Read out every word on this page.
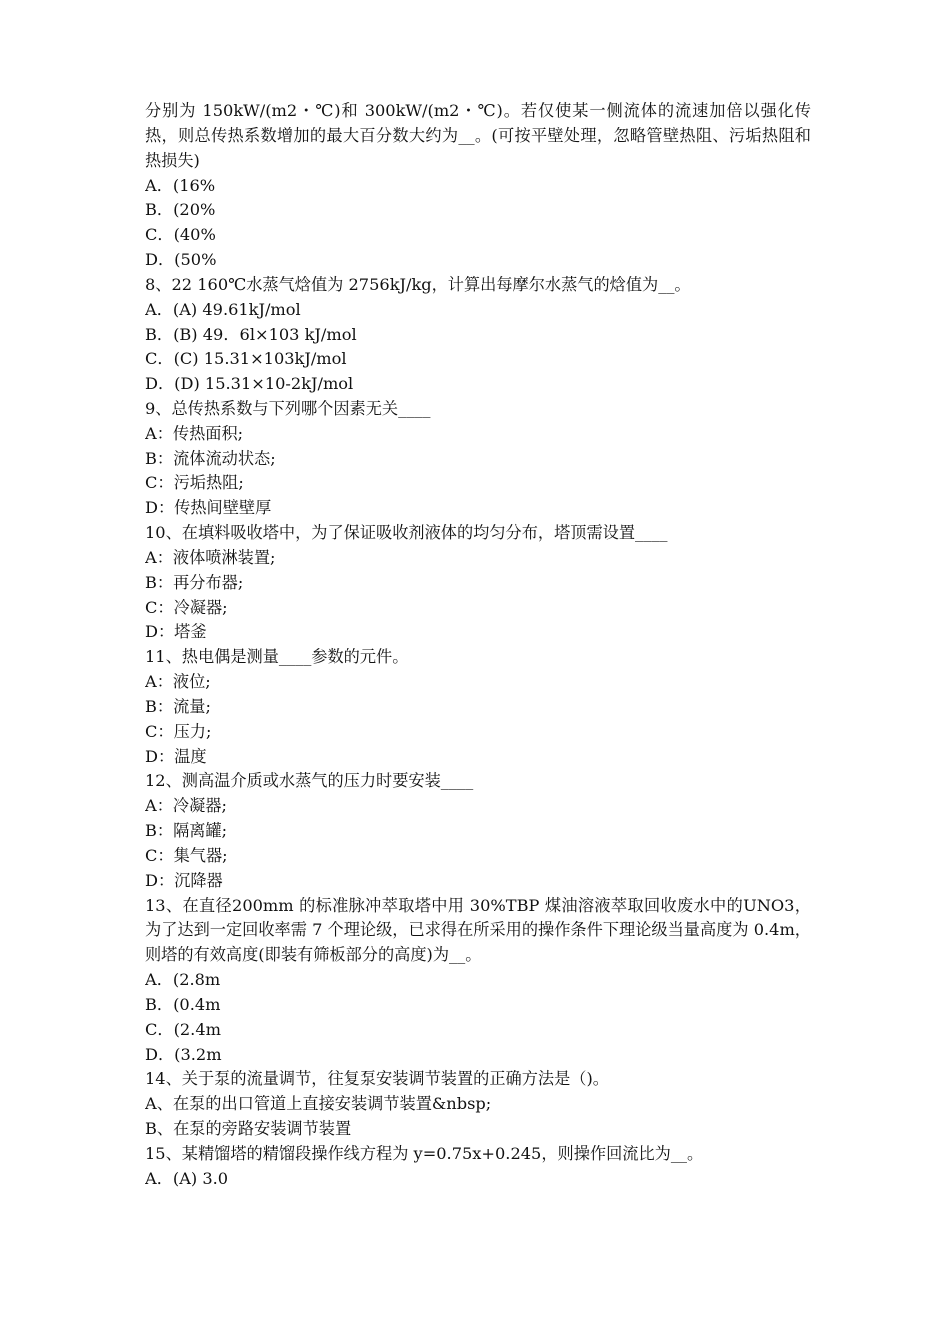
分别为 150kW/(m2・℃)和 300kW/(m2・℃)。若仅使某一侧流体的流速加倍以强化传热，则总传热系数增加的最大百分数大约为__。(可按平壁处理，忽略管壁热阻、污垢热阻和热损失)
A．(16%
B．(20%
C．(40%
D．(50%
8、22 160℃水蒸气焓值为 2756kJ/kg，计算出每摩尔水蒸气的焓值为__。
A．(A) 49.61kJ/mol
B．(B) 49．6l×103 kJ/mol
C．(C) 15.31×103kJ/mol
D．(D) 15.31×10-2kJ/mol
9、总传热系数与下列哪个因素无关____
A：传热面积;
B：流体流动状态;
C：污垢热阻;
D：传热间壁壁厚
10、在填料吸收塔中，为了保证吸收剂液体的均匀分布，塔顶需设置____
A：液体喷淋装置;
B：再分布器;
C：冷凝器;
D：塔釜
11、热电偶是测量____参数的元件。
A：液位;
B：流量;
C：压力;
D：温度
12、测高温介质或水蒸气的压力时要安装____
A：冷凝器;
B：隔离罐;
C：集气器;
D：沉降器
13、在直径200mm 的标准脉冲萃取塔中用 30%TBP 煤油溶液萃取回收废水中的UNO3，为了达到一定回收率需 7 个理论级，已求得在所采用的操作条件下理论级当量高度为 0.4m，则塔的有效高度(即装有筛板部分的高度)为__。
A．(2.8m
B．(0.4m
C．(2.4m
D．(3.2m
14、关于泵的流量调节，往复泵安装调节装置的正确方法是（)。
A、在泵的出口管道上直接安装调节装置&nbsp;
B、在泵的旁路安装调节装置
15、某精馏塔的精馏段操作线方程为 y=0.75x+0.245，则操作回流比为__。
A．(A) 3.0
